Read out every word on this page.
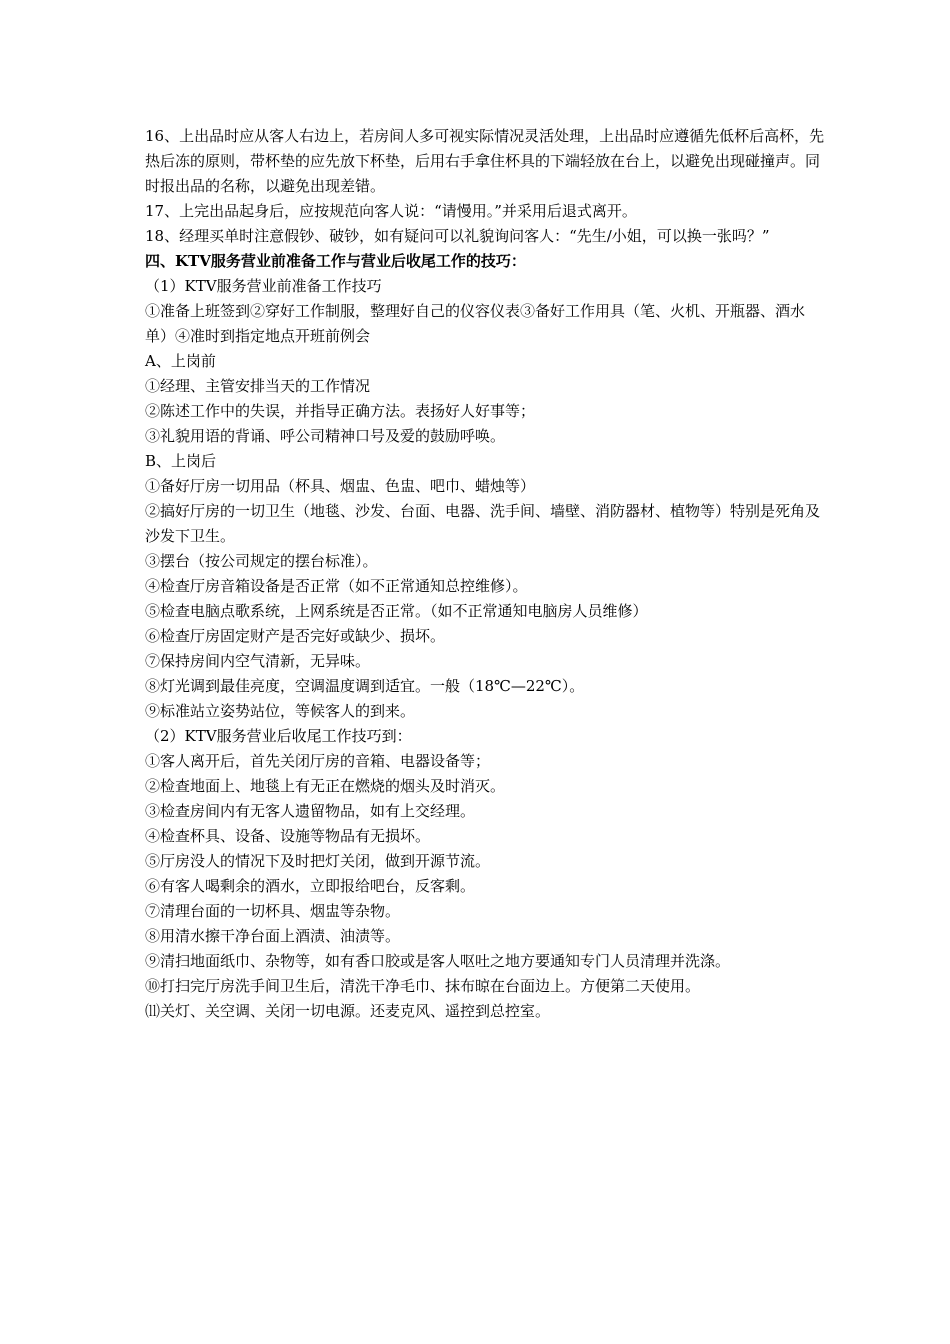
16、上出品时应从客人右边上，若房间人多可视实际情况灵活处理，上出品时应遵循先低杯后高杯，先热后冻的原则，带杯垫的应先放下杯垫，后用右手拿住杯具的下端轻放在台上，以避免出现碰撞声。同时报出品的名称，以避免出现差错。

17、上完出品起身后，应按规范向客人说：“请慢用。”并采用后退式离开。

18、经理买单时注意假钞、破钞，如有疑问可以礼貌询问客人：“先生/小姐，可以换一张吗？”

四、KTV服务营业前准备工作与营业后收尾工作的技巧：

（1）KTV服务营业前准备工作技巧

①准备上班签到②穿好工作制服，整理好自己的仪容仪表③备好工作用具（笔、火机、开瓶器、酒水单）④准时到指定地点开班前例会

A、上岗前

①经理、主管安排当天的工作情况

②陈述工作中的失误，并指导正确方法。表扬好人好事等；

③礼貌用语的背诵、呼公司精神口号及爱的鼓励呼唤。

B、上岗后

①备好厅房一切用品（杯具、烟盅、色盅、吧巾、蜡烛等）

②搞好厅房的一切卫生（地毯、沙发、台面、电器、洗手间、墙壁、消防器材、植物等）特别是死角及沙发下卫生。

③摆台（按公司规定的摆台标准）。

④检查厅房音箱设备是否正常（如不正常通知总控维修）。

⑤检查电脑点歌系统，上网系统是否正常。（如不正常通知电脑房人员维修）

⑥检查厅房固定财产是否完好或缺少、损坏。

⑦保持房间内空气清新，无异味。

⑧灯光调到最佳亮度，空调温度调到适宜。一般（18℃—22℃）。

⑨标准站立姿势站位，等候客人的到来。

（2）KTV服务营业后收尾工作技巧到：

①客人离开后，首先关闭厅房的音箱、电器设备等；

②检查地面上、地毯上有无正在燃烧的烟头及时消灭。

③检查房间内有无客人遗留物品，如有上交经理。

④检查杯具、设备、设施等物品有无损坏。

⑤厅房没人的情况下及时把灯关闭，做到开源节流。

⑥有客人喝剩余的酒水，立即报给吧台，反客剩。

⑦清理台面的一切杯具、烟盅等杂物。

⑧用清水擦干净台面上酒渍、油渍等。

⑨清扫地面纸巾、杂物等，如有香口胶或是客人呕吐之地方要通知专门人员清理并洗涤。

⑩打扫完厅房洗手间卫生后，清洗干净毛巾、抹布晾在台面边上。方便第二天使用。

⑾关灯、关空调、关闭一切电源。还麦克风、遥控到总控室。
